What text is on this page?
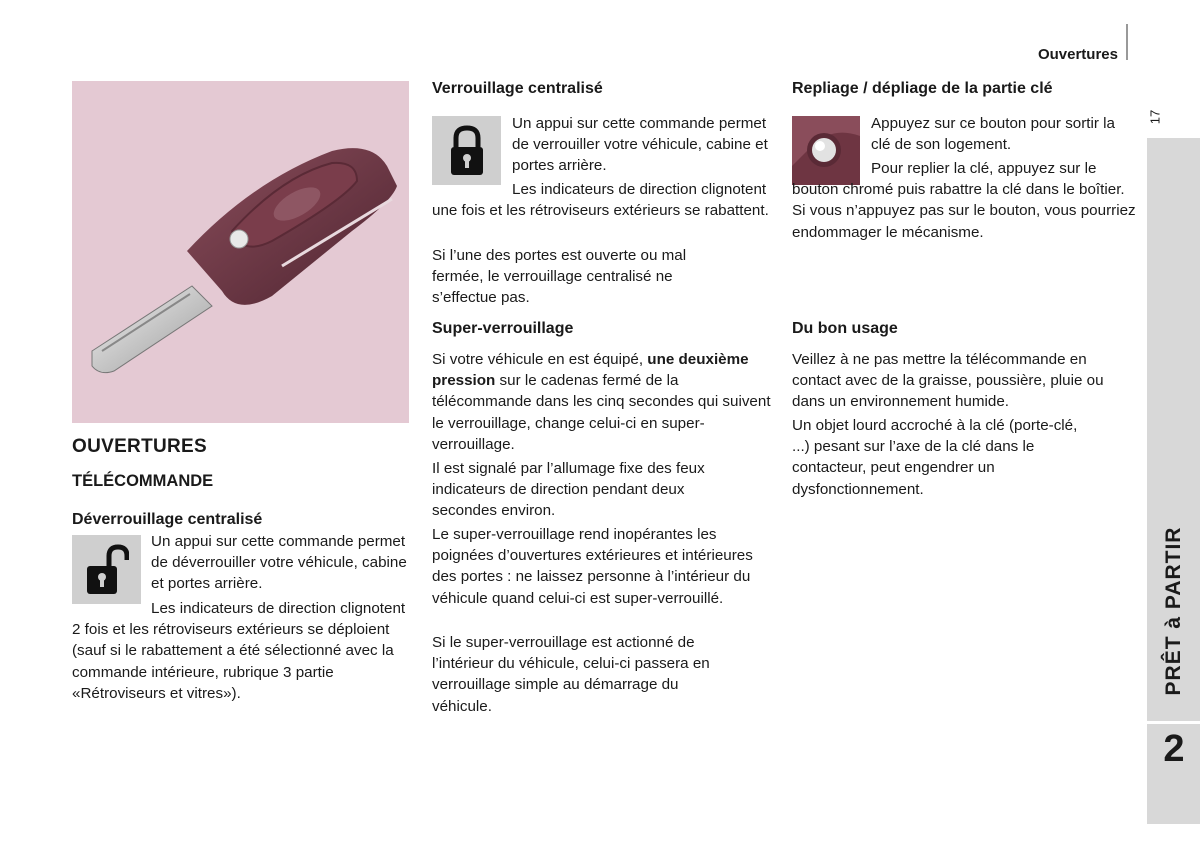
Ouvertures
17
PRÊT à PARTIR
2
OUVERTURES
TÉLÉCOMMANDE
Déverrouillage centralisé
Un appui sur cette commande permet de déverrouiller votre véhicule, cabine et portes arrière.
Les indicateurs de direction clignotent 2 fois et les rétroviseurs extérieurs se déploient (sauf si le rabattement a été sélectionné avec la commande intérieure, rubrique 3 partie «Rétroviseurs et vitres»).
Verrouillage centralisé
Un appui sur cette commande permet de verrouiller votre véhicule, cabine et portes arrière.
Les indicateurs de direction clignotent une fois et les rétroviseurs extérieurs se rabattent.
Si l’une des portes est ouverte ou mal fermée, le verrouillage centralisé ne s’effectue pas.
Super-verrouillage
Si votre véhicule en est équipé, une deuxième pression sur le cadenas fermé de la télécommande dans les cinq secondes qui suivent le verrouillage, change celui-ci en super-verrouillage.
Il est signalé par l’allumage fixe des feux indicateurs de direction pendant deux secondes environ.
Le super-verrouillage rend inopérantes les poignées d’ouvertures extérieures et intérieures des portes : ne laissez personne à l’intérieur du véhicule quand celui-ci est super-verrouillé.
Si le super-verrouillage est actionné de l’intérieur du véhicule, celui-ci passera en verrouillage simple au démarrage du véhicule.
Repliage / dépliage de la partie clé
Appuyez sur ce bouton pour sortir la clé de son logement.
Pour replier la clé, appuyez sur le bouton chromé puis rabattre la clé dans le boîtier. Si vous n’appuyez pas sur le bouton, vous pourriez endommager le mécanisme.
Du bon usage
Veillez à ne pas mettre la télécommande en contact avec de la graisse, poussière, pluie ou dans un environnement humide.
Un objet lourd accroché à la clé (porte-clé, ...) pesant sur l’axe de la clé dans le contacteur, peut engendrer un dysfonctionnement.
